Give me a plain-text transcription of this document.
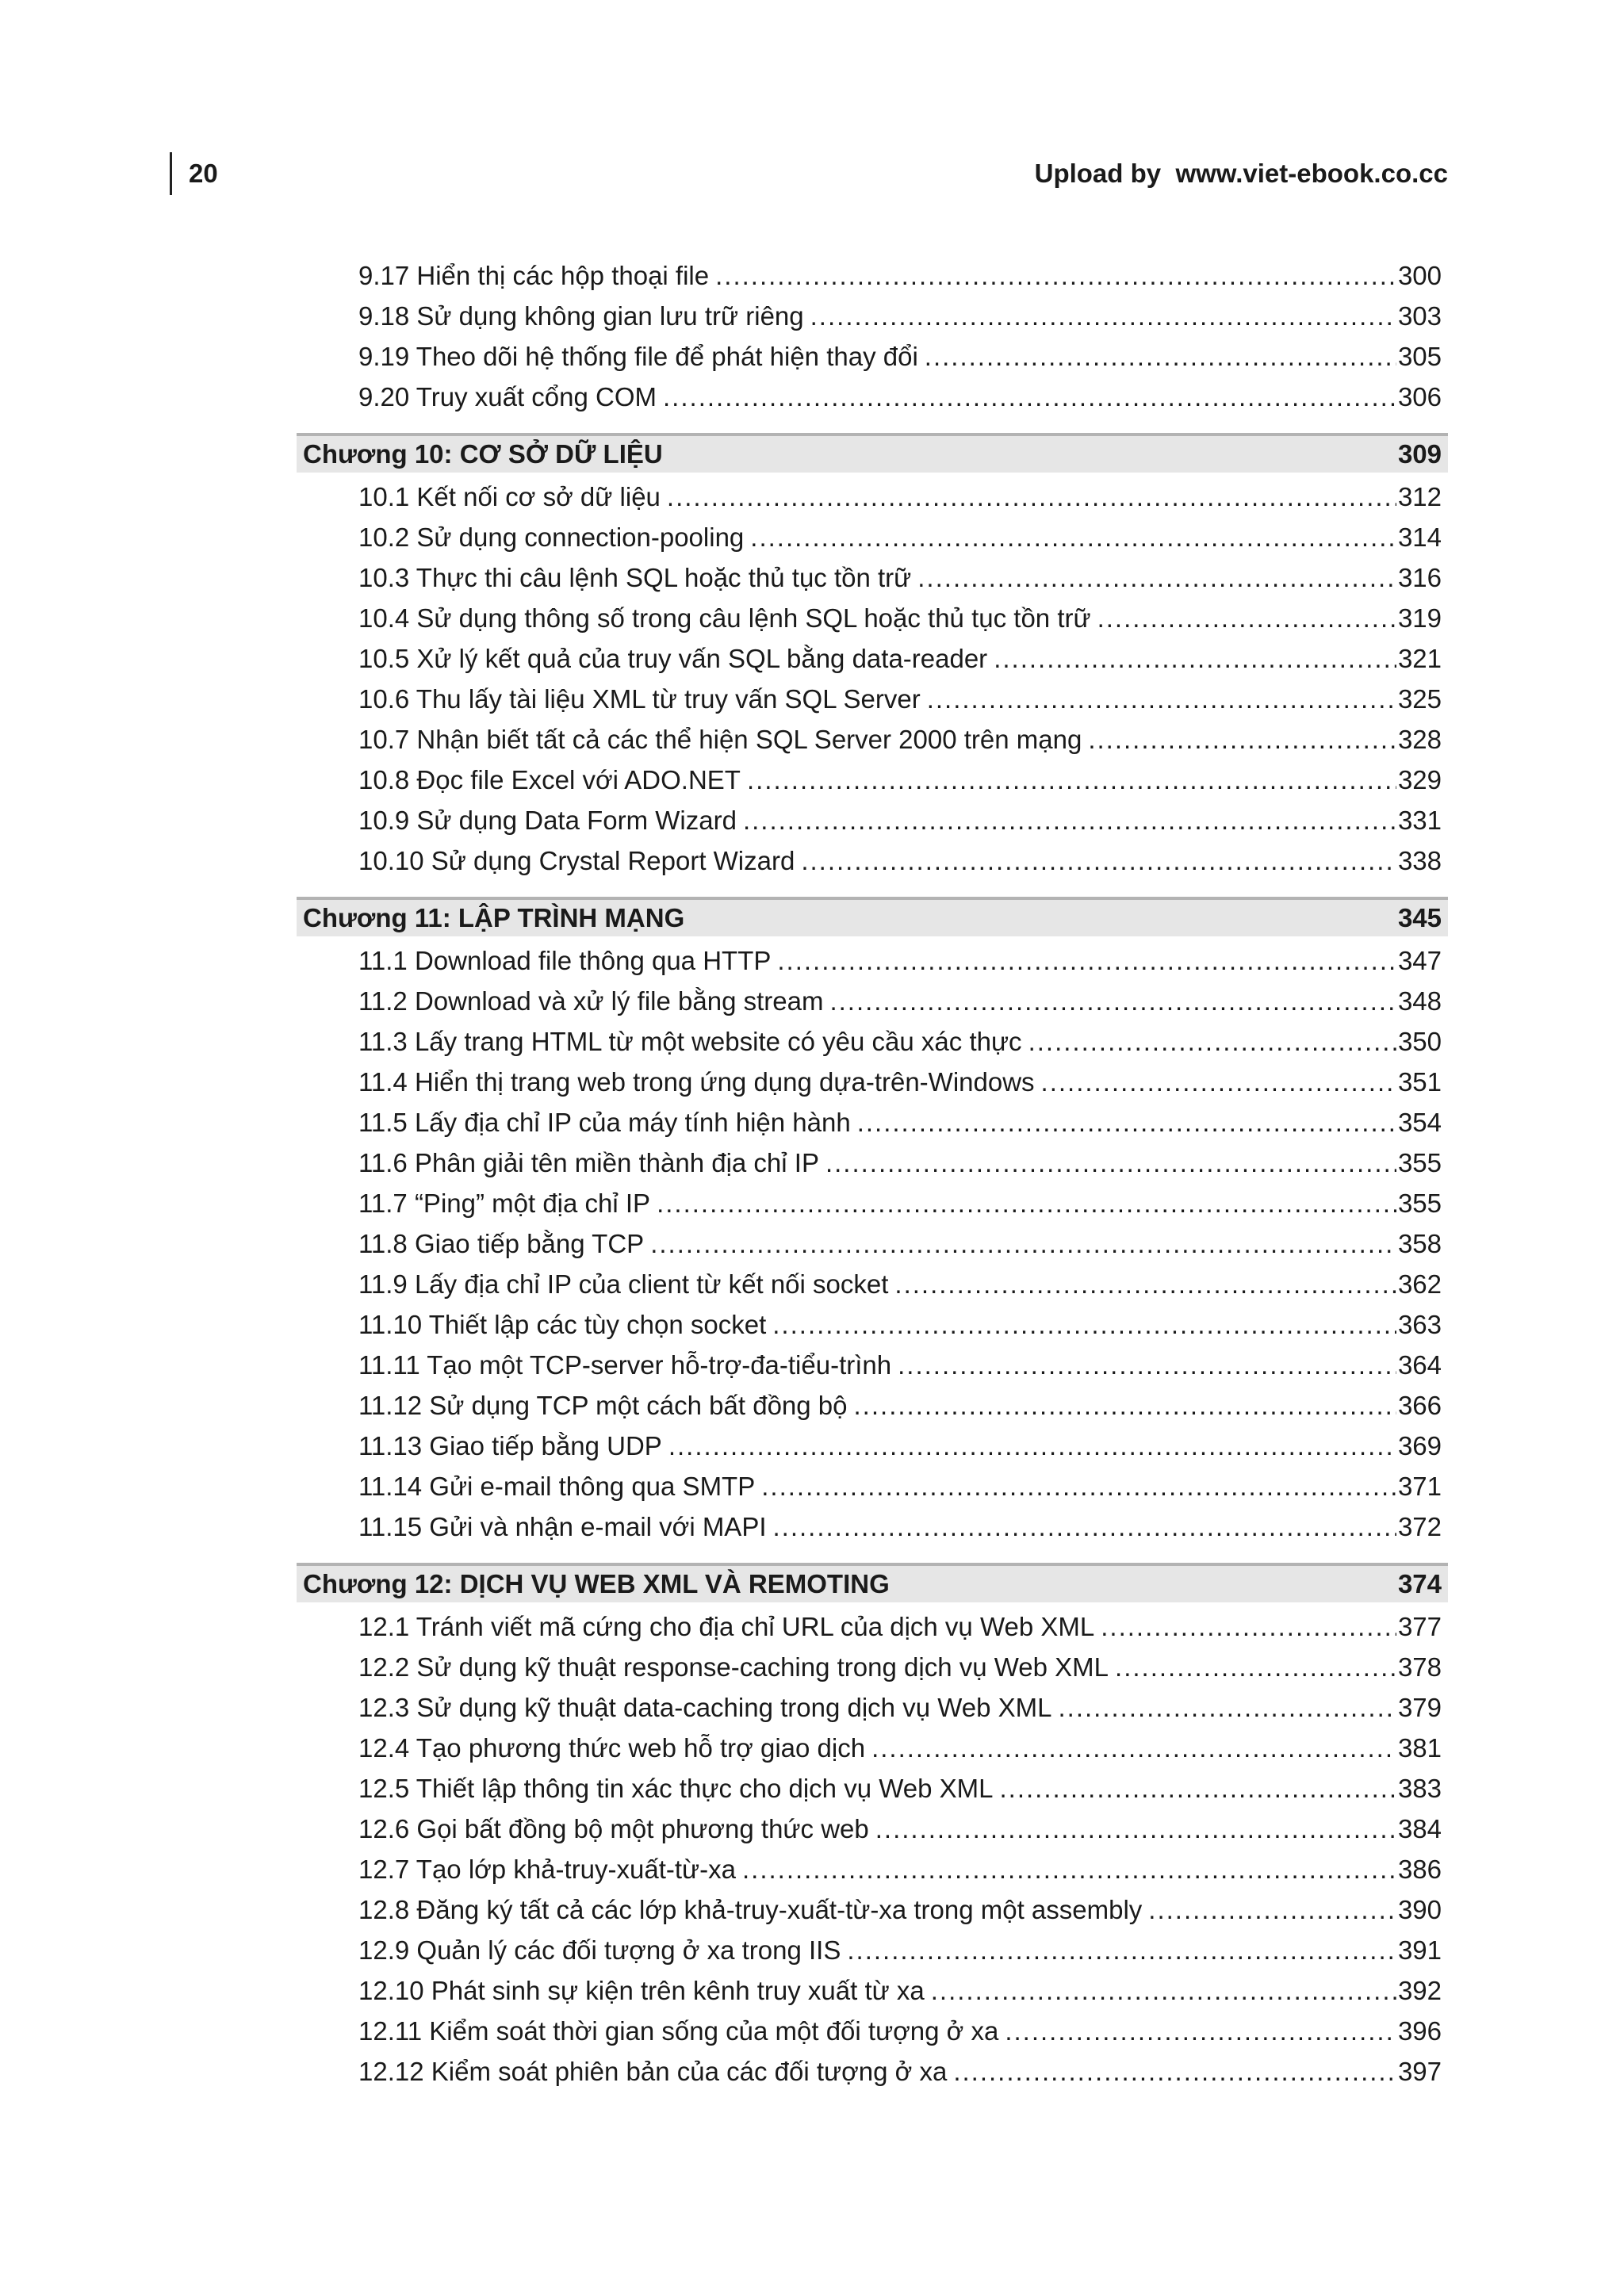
20	Upload by  www.viet-ebook.co.cc
9.17 Hiển thị các hộp thoại file .....	300
9.18 Sử dụng không gian lưu trữ riêng .....	303
9.19 Theo dõi hệ thống file để phát hiện thay đổi .....	305
9.20 Truy xuất cổng COM .....	306
Chương 10: CƠ SỞ DỮ LIỆU	309
10.1 Kết nối cơ sở dữ liệu .....	312
10.2 Sử dụng connection-pooling .....	314
10.3 Thực thi câu lệnh SQL hoặc thủ tục tồn trữ .....	316
10.4 Sử dụng thông số trong câu lệnh SQL hoặc thủ tục tồn trữ .....	319
10.5 Xử lý kết quả của truy vấn SQL bằng data-reader .....	321
10.6 Thu lấy tài liệu XML từ truy vấn SQL Server .....	325
10.7 Nhận biết tất cả các thể hiện SQL Server 2000 trên mạng .....	328
10.8 Đọc file Excel với ADO.NET .....	329
10.9 Sử dụng Data Form Wizard .....	331
10.10 Sử dụng Crystal Report Wizard .....	338
Chương 11: LẬP TRÌNH MẠNG	345
11.1 Download file thông qua HTTP .....	347
11.2 Download và xử lý file bằng stream .....	348
11.3 Lấy trang HTML từ một website có yêu cầu xác thực .....	350
11.4 Hiển thị trang web trong ứng dụng dựa-trên-Windows .....	351
11.5 Lấy địa chỉ IP của máy tính hiện hành .....	354
11.6 Phân giải tên miền thành địa chỉ IP .....	355
11.7 “Ping” một địa chỉ IP .....	355
11.8 Giao tiếp bằng TCP .....	358
11.9 Lấy địa chỉ IP của client từ kết nối socket .....	362
11.10 Thiết lập các tùy chọn socket .....	363
11.11 Tạo một TCP-server hỗ-trợ-đa-tiểu-trình .....	364
11.12 Sử dụng TCP một cách bất đồng bộ .....	366
11.13 Giao tiếp bằng UDP .....	369
11.14 Gửi e-mail thông qua SMTP .....	371
11.15 Gửi và nhận e-mail với MAPI .....	372
Chương 12: DỊCH VỤ WEB XML VÀ REMOTING	374
12.1 Tránh viết mã cứng cho địa chỉ URL của dịch vụ Web XML .....	377
12.2 Sử dụng kỹ thuật response-caching trong dịch vụ Web XML .....	378
12.3 Sử dụng kỹ thuật data-caching trong dịch vụ Web XML .....	379
12.4 Tạo phương thức web hỗ trợ giao dịch .....	381
12.5 Thiết lập thông tin xác thực cho dịch vụ Web XML .....	383
12.6 Gọi bất đồng bộ một phương thức web .....	384
12.7 Tạo lớp khả-truy-xuất-từ-xa .....	386
12.8 Đăng ký tất cả các lớp khả-truy-xuất-từ-xa trong một assembly .....	390
12.9 Quản lý các đối tượng ở xa trong IIS .....	391
12.10 Phát sinh sự kiện trên kênh truy xuất từ xa .....	392
12.11 Kiểm soát thời gian sống của một đối tượng ở xa .....	396
12.12 Kiểm soát phiên bản của các đối tượng ở xa .....	397
